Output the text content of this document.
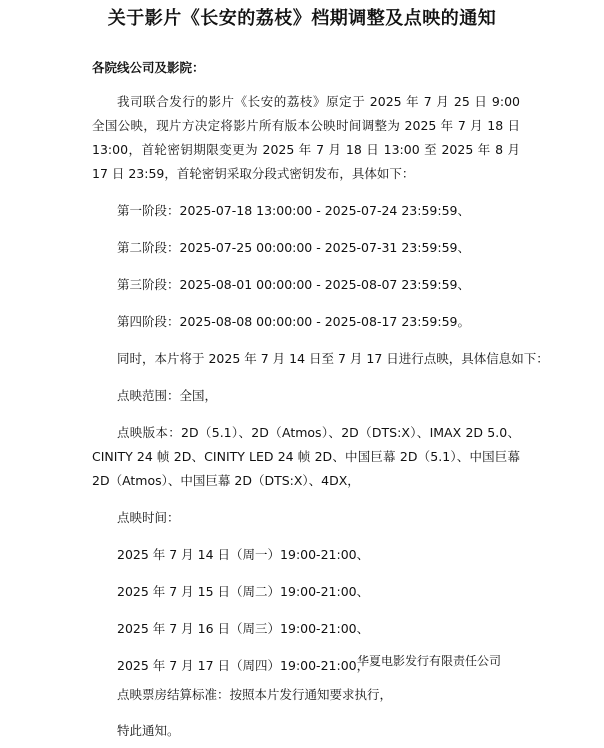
关于影片《长安的荔枝》档期调整及点映的通知
各院线公司及影院：

我司联合发行的影片《长安的荔枝》原定于 2025 年 7 月 25 日 9:00 全国公映，现片方决定将影片所有版本公映时间调整为 2025 年 7 月 18 日 13:00，首轮密钥期限变更为 2025 年 7 月 18 日 13:00 至 2025 年 8 月 17 日 23:59，首轮密钥采取分段式密钥发布，具体如下：

第一阶段：2025-07-18 13:00:00 - 2025-07-24 23:59:59、

第二阶段：2025-07-25 00:00:00 - 2025-07-31 23:59:59、

第三阶段：2025-08-01 00:00:00 - 2025-08-07 23:59:59、

第四阶段：2025-08-08 00:00:00 - 2025-08-17 23:59:59。

同时，本片将于 2025 年 7 月 14 日至 7 月 17 日进行点映，具体信息如下：

点映范围：全国，

点映版本：2D（5.1）、2D（Atmos）、2D（DTS:X）、IMAX 2D 5.0、CINITY 24 帧 2D、CINITY LED 24 帧 2D、中国巨幕 2D（5.1）、中国巨幕 2D（Atmos）、中国巨幕 2D（DTS:X）、4DX，

点映时间：

2025 年 7 月 14 日（周一）19:00-21:00、

2025 年 7 月 15 日（周二）19:00-21:00、

2025 年 7 月 16 日（周三）19:00-21:00、

2025 年 7 月 17 日（周四）19:00-21:00，

点映票房结算标准：按照本片发行通知要求执行，

特此通知。

华夏电影发行有限责任公司
